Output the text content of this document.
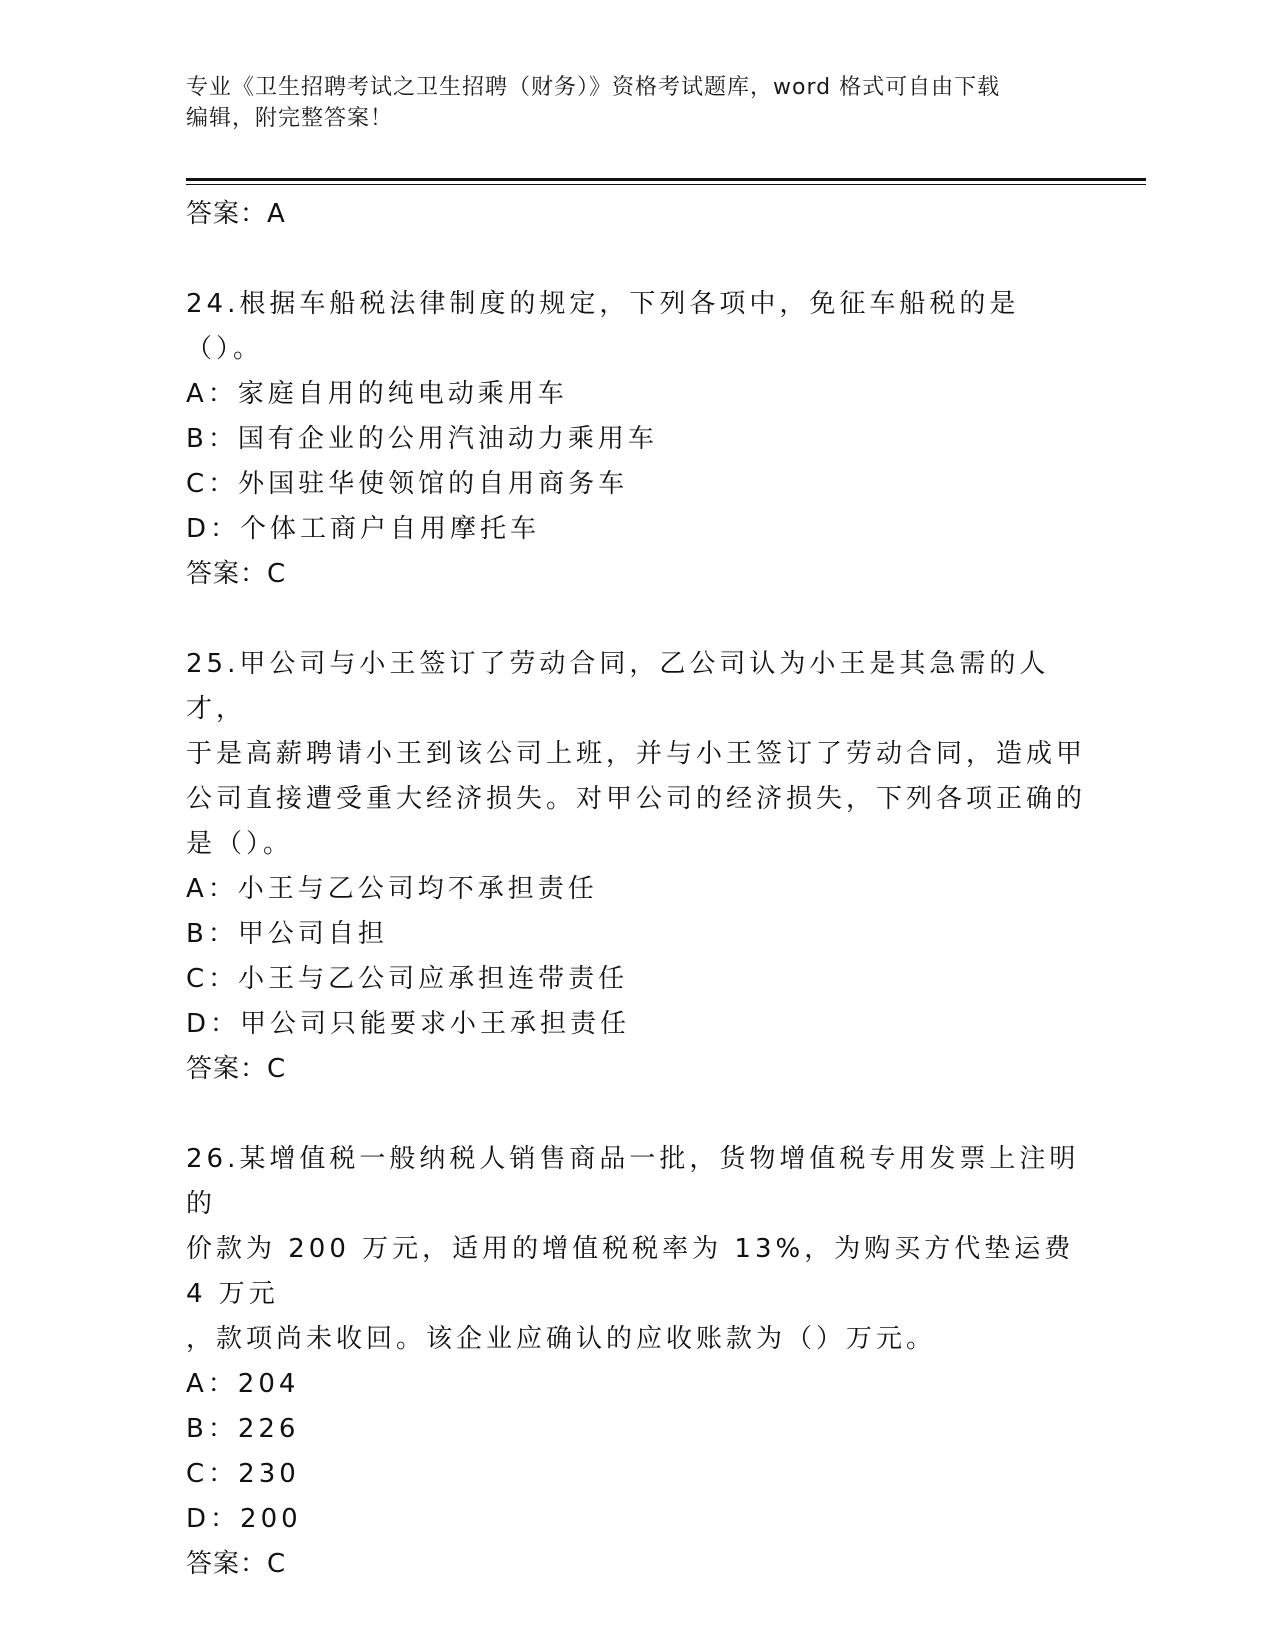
专业《卫生招聘考试之卫生招聘（财务）》资格考试题库，word 格式可自由下载
编辑，附完整答案！
答案：A
24.根据车船税法律制度的规定，下列各项中，免征车船税的是（）。
A：家庭自用的纯电动乘用车
B：国有企业的公用汽油动力乘用车
C：外国驻华使领馆的自用商务车
D：个体工商户自用摩托车
答案：C
25.甲公司与小王签订了劳动合同，乙公司认为小王是其急需的人才，
于是高薪聘请小王到该公司上班，并与小王签订了劳动合同，造成甲
公司直接遭受重大经济损失。对甲公司的经济损失，下列各项正确的
是（）。
A：小王与乙公司均不承担责任
B：甲公司自担
C：小王与乙公司应承担连带责任
D：甲公司只能要求小王承担责任
答案：C
26.某增值税一般纳税人销售商品一批，货物增值税专用发票上注明的
价款为 200 万元，适用的增值税税率为 13%，为购买方代垫运费 4 万元
，款项尚未收回。该企业应确认的应收账款为（）万元。
A：204
B：226
C：230
D：200
答案：C
